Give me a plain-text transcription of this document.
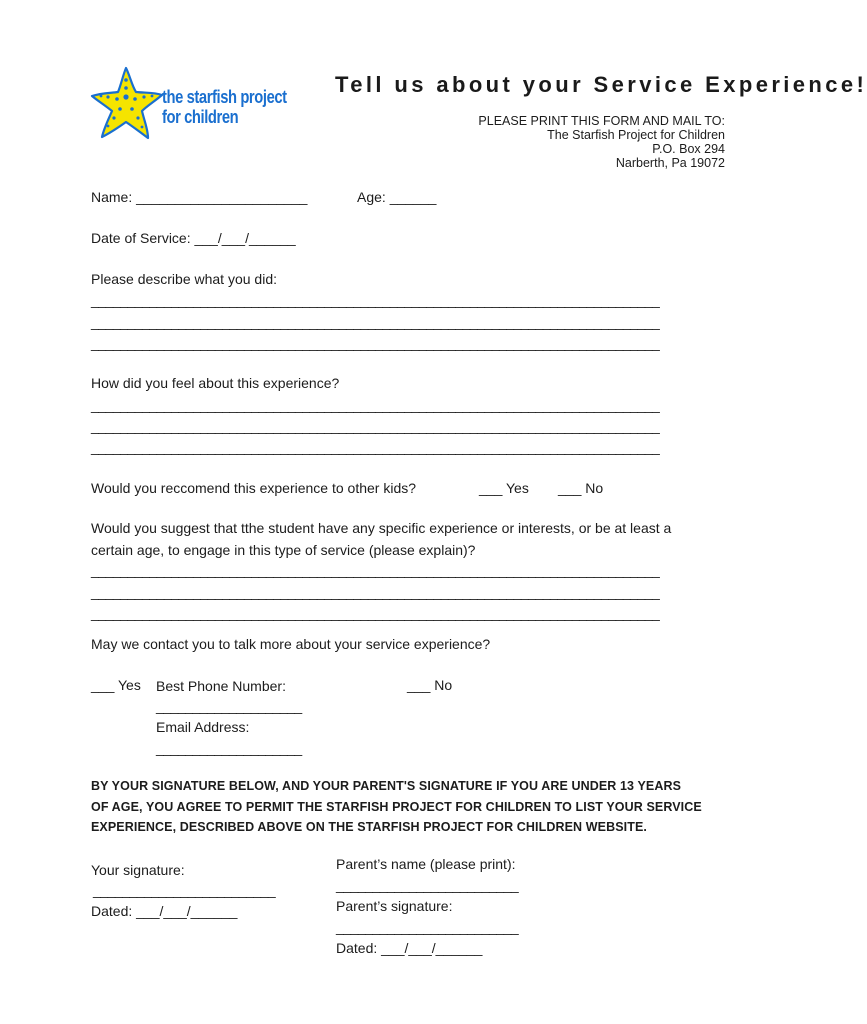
the starfish project
for children
Tell us about your Service Experience!
PLEASE PRINT THIS FORM AND MAIL TO:
The Starfish Project for Children
P.O. Box 294
Narberth, Pa 19072
Name: ______________________	Age: ______
Date of Service: ___/___/______
Please describe what you did:
______________________________________________________________________________
______________________________________________________________________________
______________________________________________________________________________
How did you feel about this experience?
______________________________________________________________________________
______________________________________________________________________________
______________________________________________________________________________
Would you reccomend this experience to other kids?	___ Yes ___ No
Would you suggest that tthe student have any specific experience or interests, or be at least a
certain age, to engage in this type of service (please explain)?
______________________________________________________________________________
______________________________________________________________________________
______________________________________________________________________________
May we contact you to talk more about your service experience?
___ Yes Best Phone Number:	___ No
____________________
Email Address:
____________________
BY YOUR SIGNATURE BELOW, AND YOUR PARENT'S SIGNATURE IF YOU ARE UNDER 13 YEARS
OF AGE, YOU AGREE TO PERMIT THE STARFISH PROJECT FOR CHILDREN TO LIST YOUR SERVICE
EXPERIENCE, DESCRIBED ABOVE ON THE STARFISH PROJECT FOR CHILDREN WEBSITE.
Your signature:
_________________________
Dated: ___/___/______
Parent’s name (please print):
_________________________
Parent’s signature:
_________________________
Dated: ___/___/______
